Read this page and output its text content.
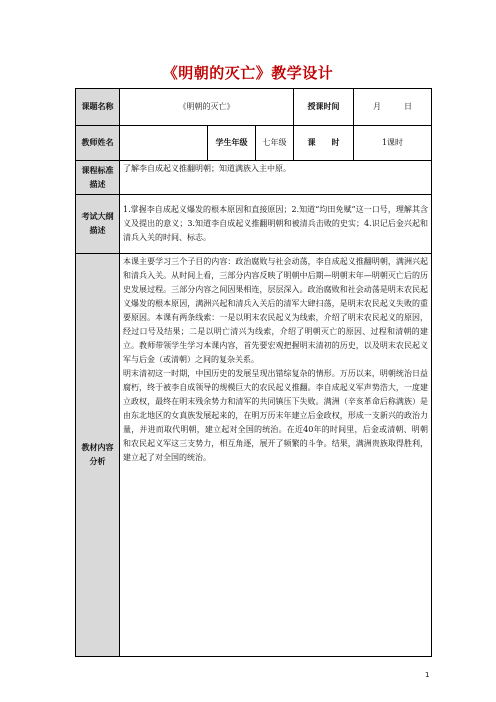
《明朝的灭亡》教学设计
课题名称	《明朝的灭亡》			授课时间	月 日
教师姓名		学生年级	七年级	课　　时	1课时
课程标准描述	了解李自成起义推翻明朝；知道满族入主中原。				
考试大纲描述	1.掌握李自成起义爆发的根本原因和直接原因；2.知道“均田免赋”这一口号，理解其含义及提出的意义；3.知道李自成起义推翻明朝和被清兵击败的史实；4.识记后金兴起和清兵入关的时间、标志。				
教材内容分析	本课主要学习三个子目的内容：政治腐败与社会动荡，李自成起义推翻明朝，满洲兴起和清兵入关。从时间上看，三部分内容反映了明朝中后期—明朝末年—明朝灭亡后的历史发展过程。三部分内容之间因果相连，层层深入。政治腐败和社会动荡是明末农民起义爆发的根本原因，满洲兴起和清兵入关后的清军大肆扫荡，是明末农民起义失败的重要原因。本课有两条线索：一是以明末农民起义为线索，介绍了明末农民起义的原因，经过口号及结果；二是以明亡清兴为线索，介绍了明朝灭亡的原因、过程和清朝的建立。教师带领学生学习本课内容，首先要宏观把握明末清初的历史，以及明末农民起义军与后金（或清朝）之间的复杂关系。

明末清初这一时期，中国历史的发展呈现出错综复杂的情形。万历以来，明朝统治日益腐朽，终于被李自成领导的规模巨大的农民起义推翻。李自成起义军声势浩大，一度建立政权，最终在明末残余势力和清军的共同镇压下失败。满洲（辛亥革命后称满族）是由东北地区的女真族发展起来的，在明万历末年建立后金政权，形成一支新兴的政治力量，并进而取代明朝，建立起对全国的统治。在近40年的时间里，后金或清朝、明朝和农民起义军这三支势力，相互角逐，展开了频繁的斗争。结果，满洲贵族取得胜利，建立起了对全国的统治。				

1
